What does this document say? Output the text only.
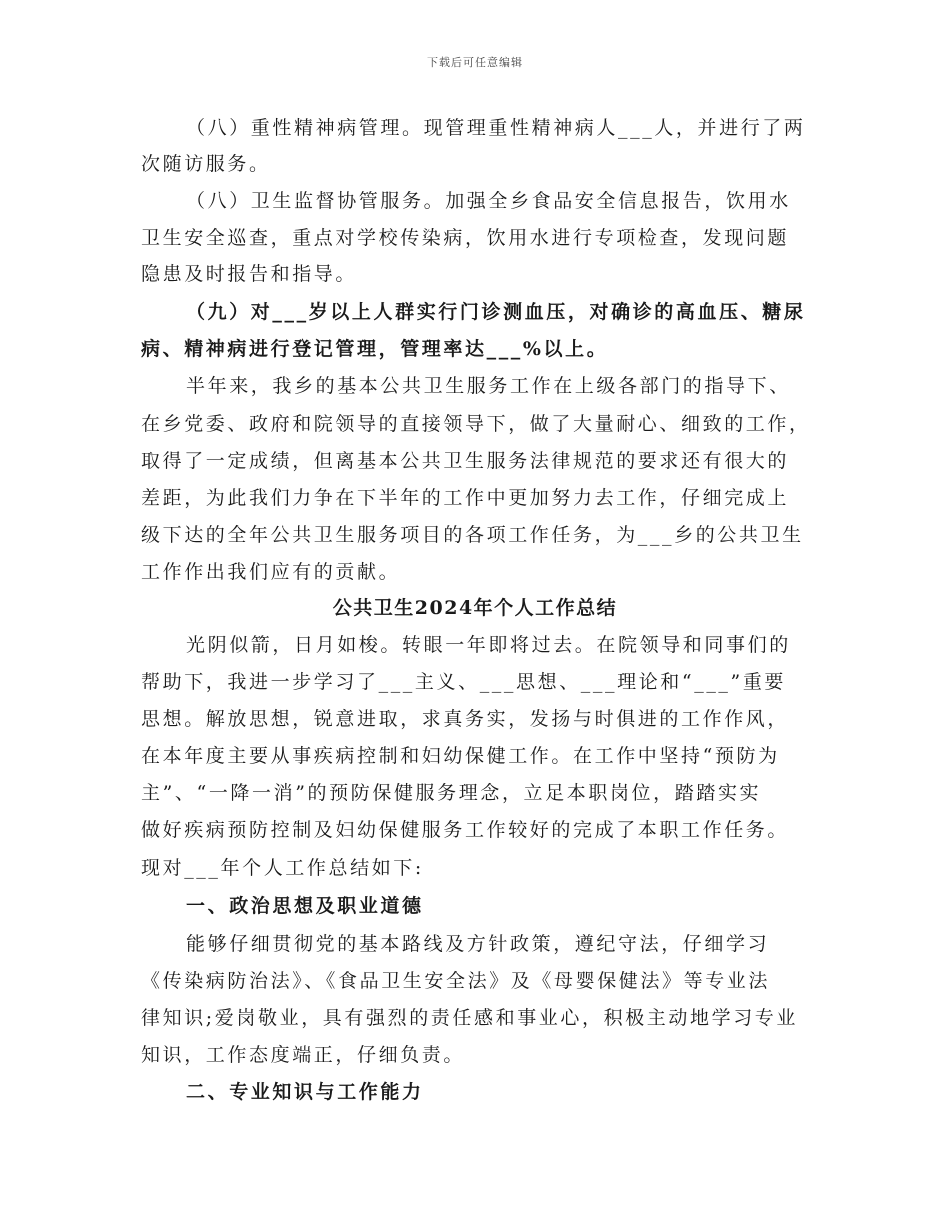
下载后可任意编辑
（八）重性精神病管理。现管理重性精神病人___人，并进行了两
次随访服务。
（八）卫生监督协管服务。加强全乡食品安全信息报告，饮用水
卫生安全巡查，重点对学校传染病，饮用水进行专项检查，发现问题
隐患及时报告和指导。
（九）对___岁以上人群实行门诊测血压，对确诊的高血压、糖尿
病、精神病进行登记管理，管理率达___%以上。
半年来，我乡的基本公共卫生服务工作在上级各部门的指导下、
在乡党委、政府和院领导的直接领导下，做了大量耐心、细致的工作，
取得了一定成绩，但离基本公共卫生服务法律规范的要求还有很大的
差距，为此我们力争在下半年的工作中更加努力去工作，仔细完成上
级下达的全年公共卫生服务项目的各项工作任务，为___乡的公共卫生
工作作出我们应有的贡献。
公共卫生2024年个人工作总结
光阴似箭，日月如梭。转眼一年即将过去。在院领导和同事们的
帮助下，我进一步学习了___主义、___思想、___理论和“___”重要
思想。解放思想，锐意进取，求真务实，发扬与时俱进的工作作风，
在本年度主要从事疾病控制和妇幼保健工作。在工作中坚持“预防为
主”、“一降一消”的预防保健服务理念，立足本职岗位，踏踏实实
做好疾病预防控制及妇幼保健服务工作较好的完成了本职工作任务。
现对___年个人工作总结如下:
一、政治思想及职业道德
能够仔细贯彻党的基本路线及方针政策，遵纪守法，仔细学习
《传染病防治法》、《食品卫生安全法》及《母婴保健法》等专业法
律知识;爱岗敬业，具有强烈的责任感和事业心，积极主动地学习专业
知识，工作态度端正，仔细负责。
二、专业知识与工作能力
